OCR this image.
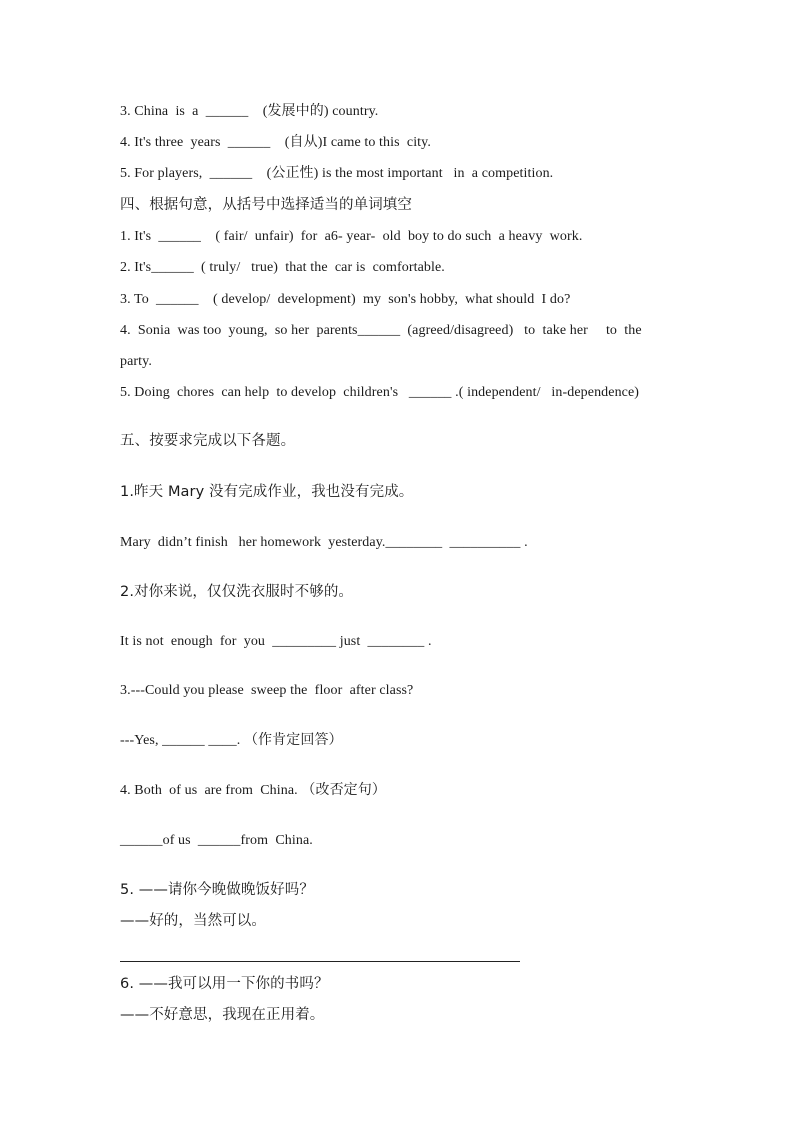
3. China  is  a  ______    (发展中的) country.
4. It's three  years  ______    (自从)I came to this  city.
5. For players,  ______    (公正性) is the most important   in  a competition.
四、根据句意，从括号中选择适当的单词填空
1. It's  ______    ( fair/  unfair)  for  a6- year-  old  boy to do such  a heavy  work.
2. It's______  ( truly/   true)  that the  car is  comfortable.
3. To  ______    ( develop/  development)  my  son's hobby,  what should  I do?
4.  Sonia  was too  young,  so her  parents______  (agreed/disagreed)   to  take her     to  the
party.
5. Doing  chores  can help  to develop  children's   ______ .( independent/   in-dependence)
五、按要求完成以下各题。
1.昨天 Mary 没有完成作业，我也没有完成。
Mary  didn’t finish   her homework  yesterday.________  __________ .
2.对你来说，仅仅洗衣服时不够的。
It is not  enough  for  you  _________ just  ________ .
3.---Could you please  sweep the  floor  after class?
---Yes, ______ ____. （作肯定回答）
4. Both  of us  are from  China. （改否定句）
______of us  ______from  China.
5. ——请你今晚做晚饭好吗？
——好的，当然可以。
6. ——我可以用一下你的书吗？
——不好意思，我现在正用着。
